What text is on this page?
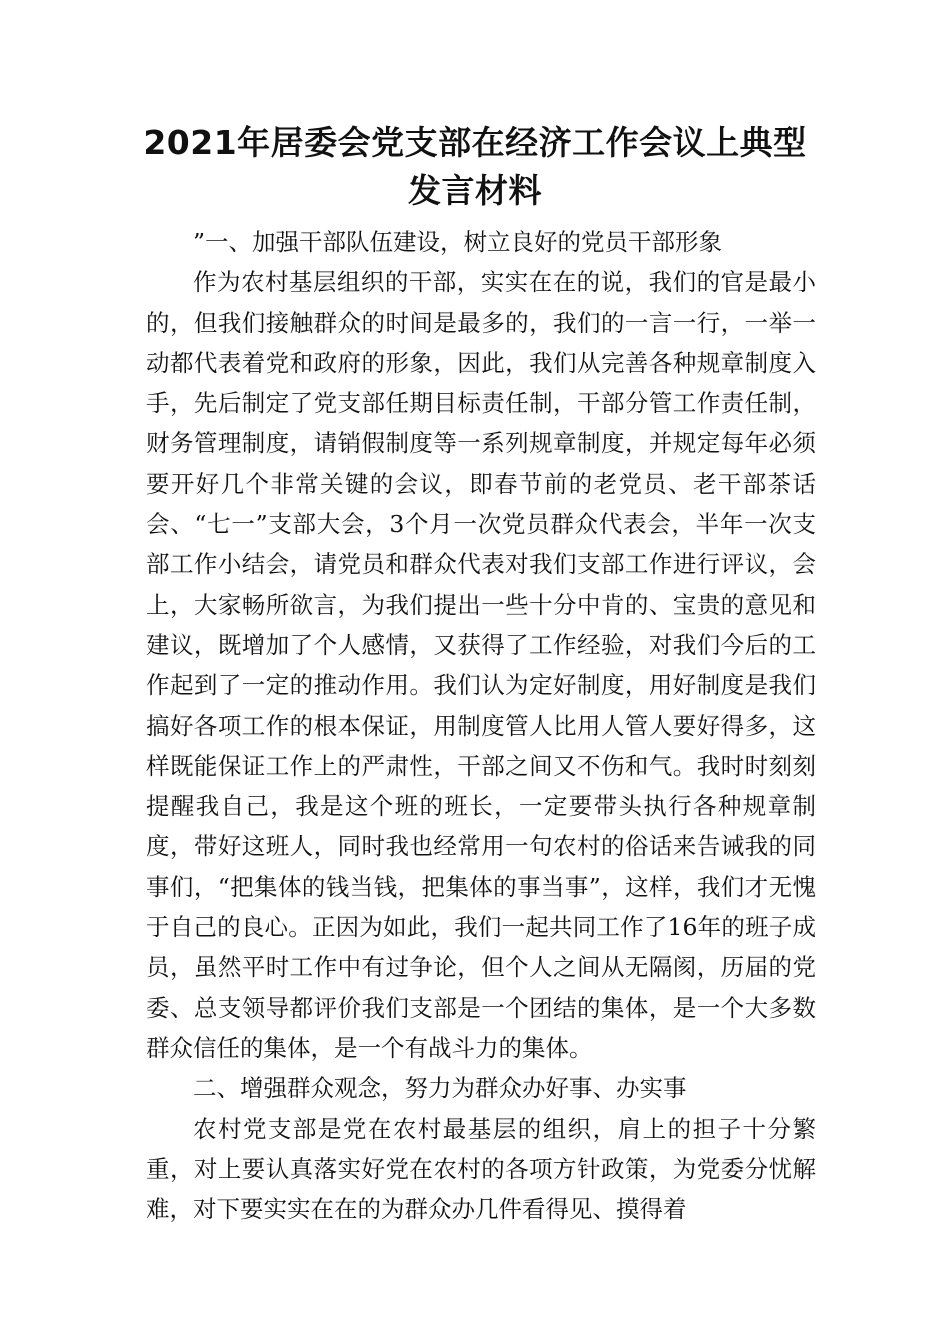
2021年居委会党支部在经济工作会议上典型
发言材料

”一、加强干部队伍建设，树立良好的党员干部形象

作为农村基层组织的干部，实实在在的说，我们的官是最小的，但我们接触群众的时间是最多的，我们的一言一行，一举一动都代表着党和政府的形象，因此，我们从完善各种规章制度入手，先后制定了党支部任期目标责任制，干部分管工作责任制，财务管理制度，请销假制度等一系列规章制度，并规定每年必须要开好几个非常关键的会议，即春节前的老党员、老干部茶话会、“七一”支部大会，3个月一次党员群众代表会，半年一次支部工作小结会，请党员和群众代表对我们支部工作进行评议，会上，大家畅所欲言，为我们提出一些十分中肯的、宝贵的意见和建议，既增加了个人感情，又获得了工作经验，对我们今后的工作起到了一定的推动作用。我们认为定好制度，用好制度是我们搞好各项工作的根本保证，用制度管人比用人管人要好得多，这样既能保证工作上的严肃性，干部之间又不伤和气。我时时刻刻提醒我自己，我是这个班的班长，一定要带头执行各种规章制度，带好这班人，同时我也经常用一句农村的俗话来告诫我的同事们，“把集体的钱当钱，把集体的事当事”，这样，我们才无愧于自己的良心。正因为如此，我们一起共同工作了16年的班子成员，虽然平时工作中有过争论，但个人之间从无隔阂，历届的党委、总支领导都评价我们支部是一个团结的集体，是一个大多数群众信任的集体，是一个有战斗力的集体。

二、增强群众观念，努力为群众办好事、办实事

农村党支部是党在农村最基层的组织，肩上的担子十分繁重，对上要认真落实好党在农村的各项方针政策，为党委分忧解难，对下要实实在在的为群众办几件看得见、摸得着
